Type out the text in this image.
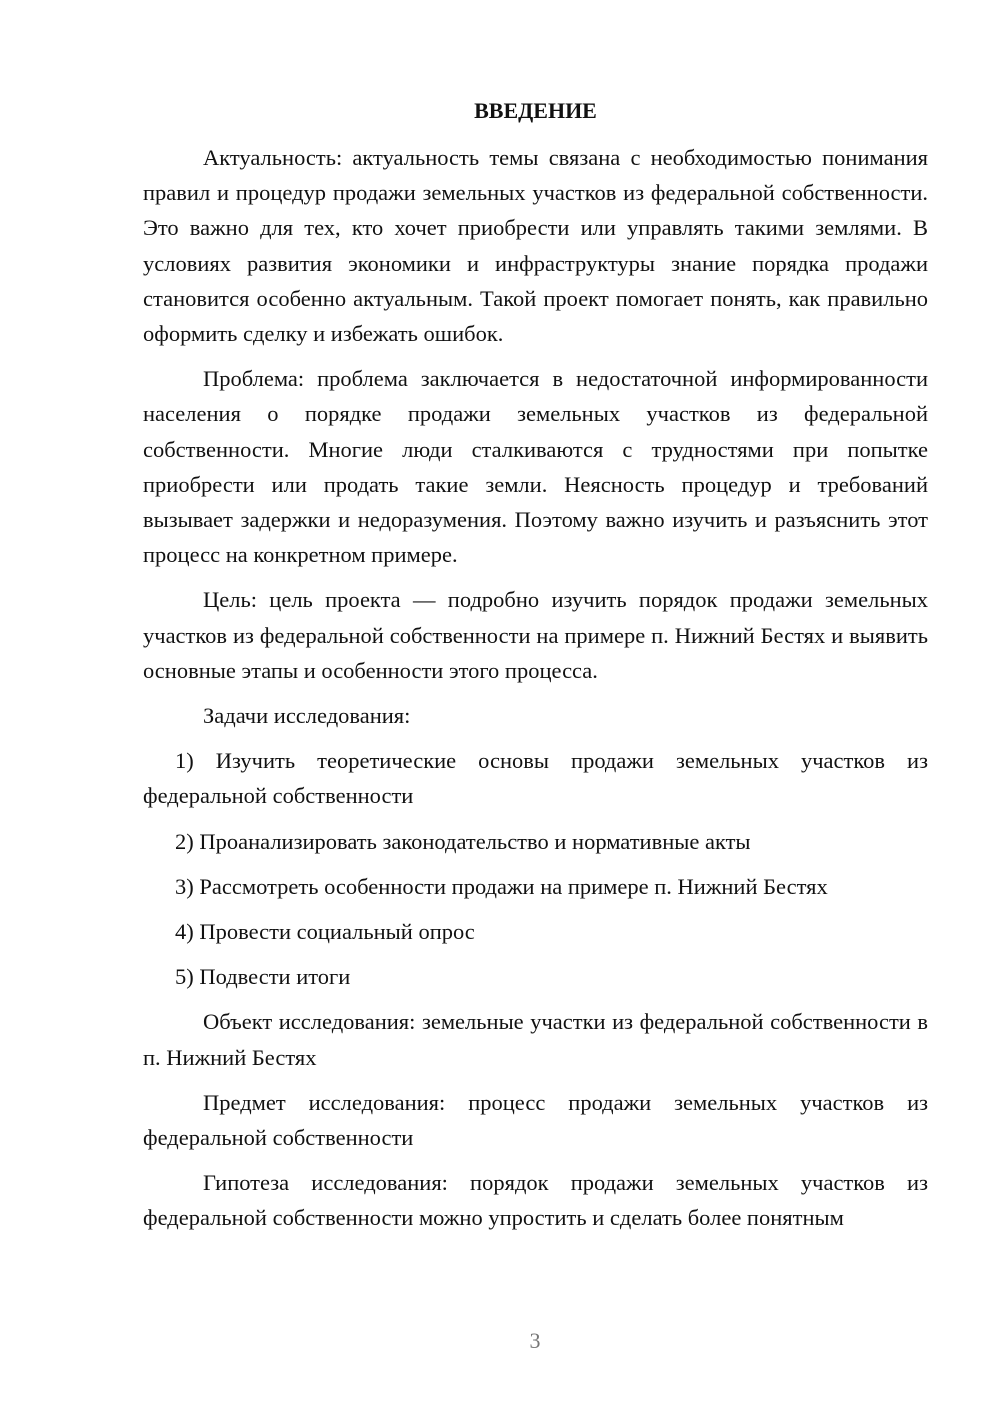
ВВЕДЕНИЕ

Актуальность: актуальность темы связана с необходимостью понимания правил и процедур продажи земельных участков из федеральной собственности. Это важно для тех, кто хочет приобрести или управлять такими землями. В условиях развития экономики и инфраструктуры знание порядка продажи становится особенно актуальным. Такой проект помогает понять, как правильно оформить сделку и избежать ошибок.

Проблема: проблема заключается в недостаточной информированности населения о порядке продажи земельных участков из федеральной собственности. Многие люди сталкиваются с трудностями при попытке приобрести или продать такие земли. Неясность процедур и требований вызывает задержки и недоразумения. Поэтому важно изучить и разъяснить этот процесс на конкретном примере.

Цель: цель проекта — подробно изучить порядок продажи земельных участков из федеральной собственности на примере п. Нижний Бестях и выявить основные этапы и особенности этого процесса.

Задачи исследования:

1) Изучить теоретические основы продажи земельных участков из федеральной собственности

2) Проанализировать законодательство и нормативные акты

3) Рассмотреть особенности продажи на примере п. Нижний Бестях

4) Провести социальный опрос

5) Подвести итоги

Объект исследования: земельные участки из федеральной собственности в п. Нижний Бестях

Предмет исследования: процесс продажи земельных участков из федеральной собственности

Гипотеза исследования: порядок продажи земельных участков из федеральной собственности можно упростить и сделать более понятным

3
